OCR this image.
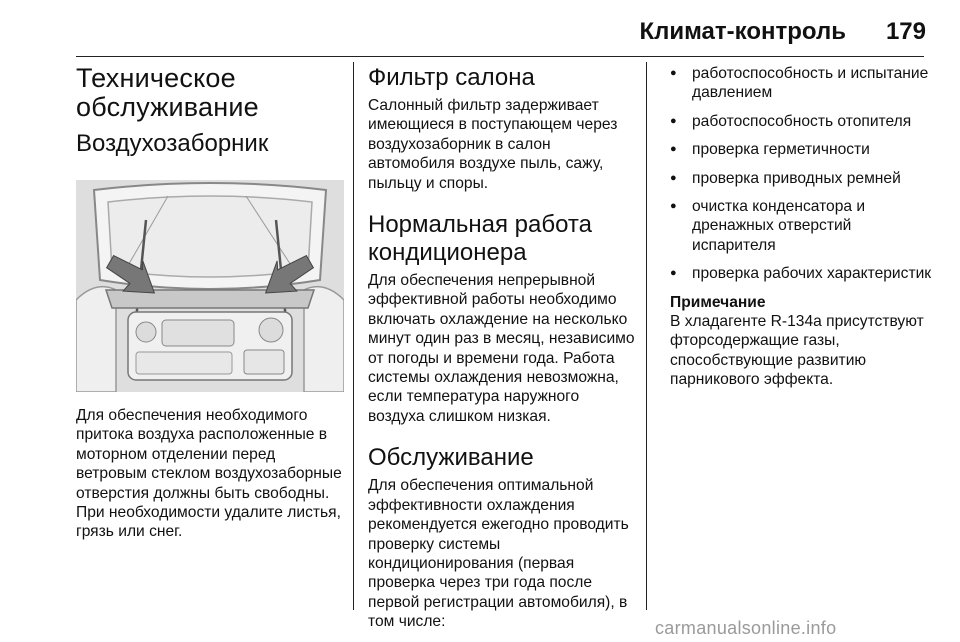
Климат-контроль 179
Техническое обслуживание
Воздухозаборник

Для обеспечения необходимого притока воздуха расположенные в моторном отделении перед ветровым стеклом воздухозаборные отверстия должны быть свободны. При необходимости удалите листья, грязь или снег.

Фильтр салона

Салонный фильтр задерживает имеющиеся в поступающем через воздухозаборник в салон автомобиля воздухе пыль, сажу, пыльцу и споры.

Нормальная работа кондиционера

Для обеспечения непрерывной эффективной работы необходимо включать охлаждение на несколько минут один раз в месяц, независимо от погоды и времени года. Работа системы охлаждения невозможна, если температура наружного воздуха слишком низкая.

Обслуживание

Для обеспечения оптимальной эффективности охлаждения рекомендуется ежегодно проводить проверку системы кондиционирования (первая проверка через три года после первой регистрации автомобиля), в том числе:

● работоспособность и испытание давлением
● работоспособность отопителя
● проверка герметичности
● проверка приводных ремней
● очистка конденсатора и дренажных отверстий испарителя
● проверка рабочих характеристик
Примечание

В хладагенте R-134a присутствуют фторсодержащие газы, способствующие развитию парникового эффекта.

carmanualsonline.info
